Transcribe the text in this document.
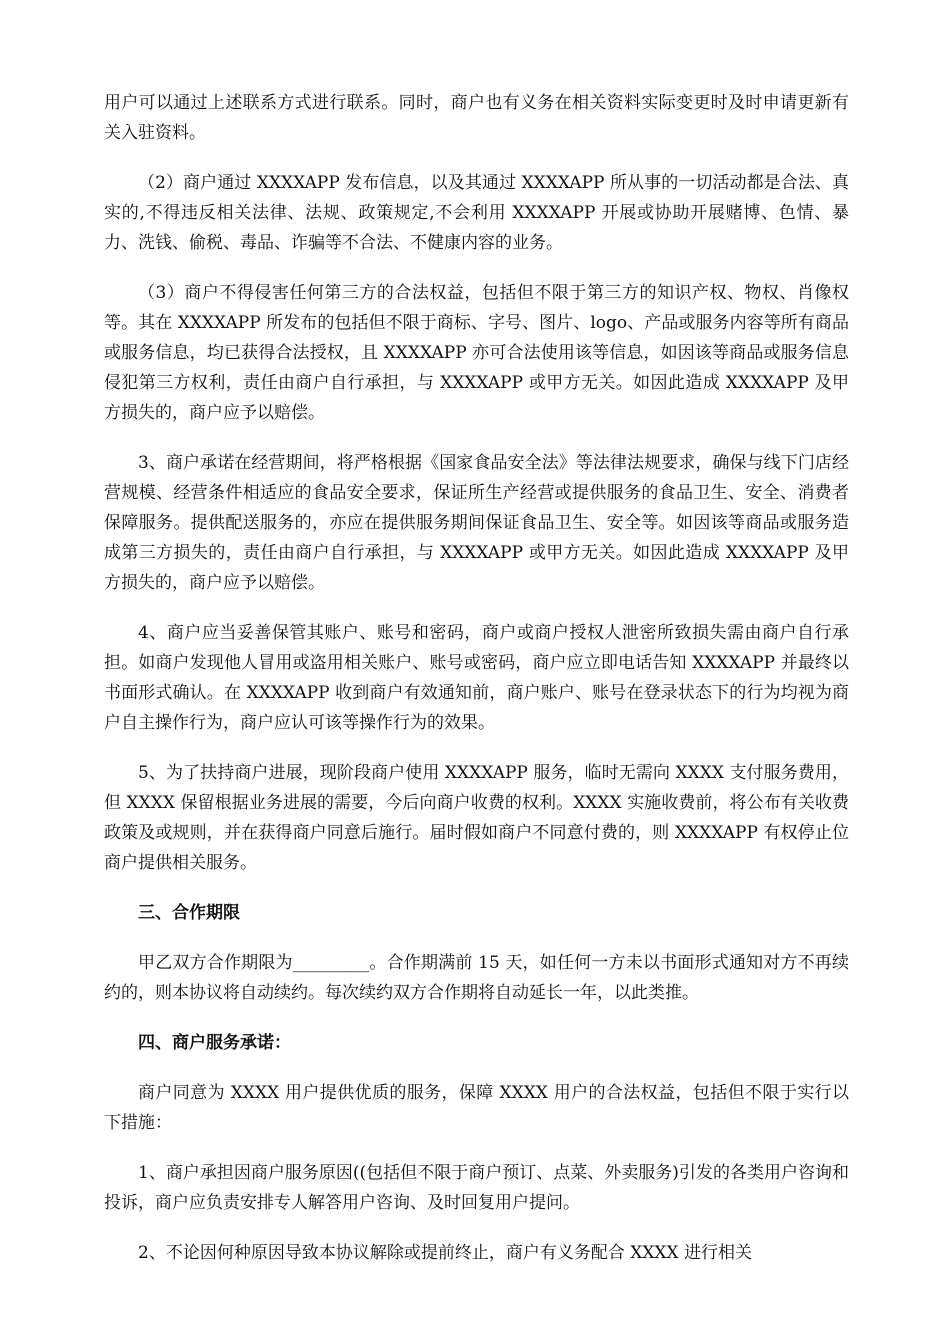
用户可以通过上述联系方式进行联系。同时，商户也有义务在相关资料实际变更时及时申请更新有关入驻资料。

（2）商户通过 XXXXAPP 发布信息，以及其通过 XXXXAPP 所从事的一切活动都是合法、真实的,不得违反相关法律、法规、政策规定,不会利用 XXXXAPP 开展或协助开展赌博、色情、暴力、洗钱、偷税、毒品、诈骗等不合法、不健康内容的业务。

（3）商户不得侵害任何第三方的合法权益，包括但不限于第三方的知识产权、物权、肖像权等。其在 XXXXAPP 所发布的包括但不限于商标、字号、图片、logo、产品或服务内容等所有商品或服务信息，均已获得合法授权，且 XXXXAPP 亦可合法使用该等信息，如因该等商品或服务信息侵犯第三方权利，责任由商户自行承担，与 XXXXAPP 或甲方无关。如因此造成 XXXXAPP 及甲方损失的，商户应予以赔偿。

3、商户承诺在经营期间，将严格根据《国家食品安全法》等法律法规要求，确保与线下门店经营规模、经营条件相适应的食品安全要求，保证所生产经营或提供服务的食品卫生、安全、消费者保障服务。提供配送服务的，亦应在提供服务期间保证食品卫生、安全等。如因该等商品或服务造成第三方损失的，责任由商户自行承担，与 XXXXAPP 或甲方无关。如因此造成 XXXXAPP 及甲方损失的，商户应予以赔偿。

4、商户应当妥善保管其账户、账号和密码，商户或商户授权人泄密所致损失需由商户自行承担。如商户发现他人冒用或盗用相关账户、账号或密码，商户应立即电话告知 XXXXAPP 并最终以书面形式确认。在 XXXXAPP 收到商户有效通知前，商户账户、账号在登录状态下的行为均视为商户自主操作行为，商户应认可该等操作行为的效果。

5、为了扶持商户进展，现阶段商户使用 XXXXAPP 服务，临时无需向 XXXX 支付服务费用，但 XXXX 保留根据业务进展的需要，今后向商户收费的权利。XXXX 实施收费前，将公布有关收费政策及或规则，并在获得商户同意后施行。届时假如商户不同意付费的，则 XXXXAPP 有权停止位商户提供相关服务。

三、合作期限

甲乙双方合作期限为_________。合作期满前 15 天，如任何一方未以书面形式通知对方不再续约的，则本协议将自动续约。每次续约双方合作期将自动延长一年，以此类推。

四、商户服务承诺：

商户同意为 XXXX 用户提供优质的服务，保障 XXXX 用户的合法权益，包括但不限于实行以下措施：

1、商户承担因商户服务原因((包括但不限于商户预订、点菜、外卖服务)引发的各类用户咨询和投诉，商户应负责安排专人解答用户咨询、及时回复用户提问。

2、不论因何种原因导致本协议解除或提前终止，商户有义务配合 XXXX 进行相关
